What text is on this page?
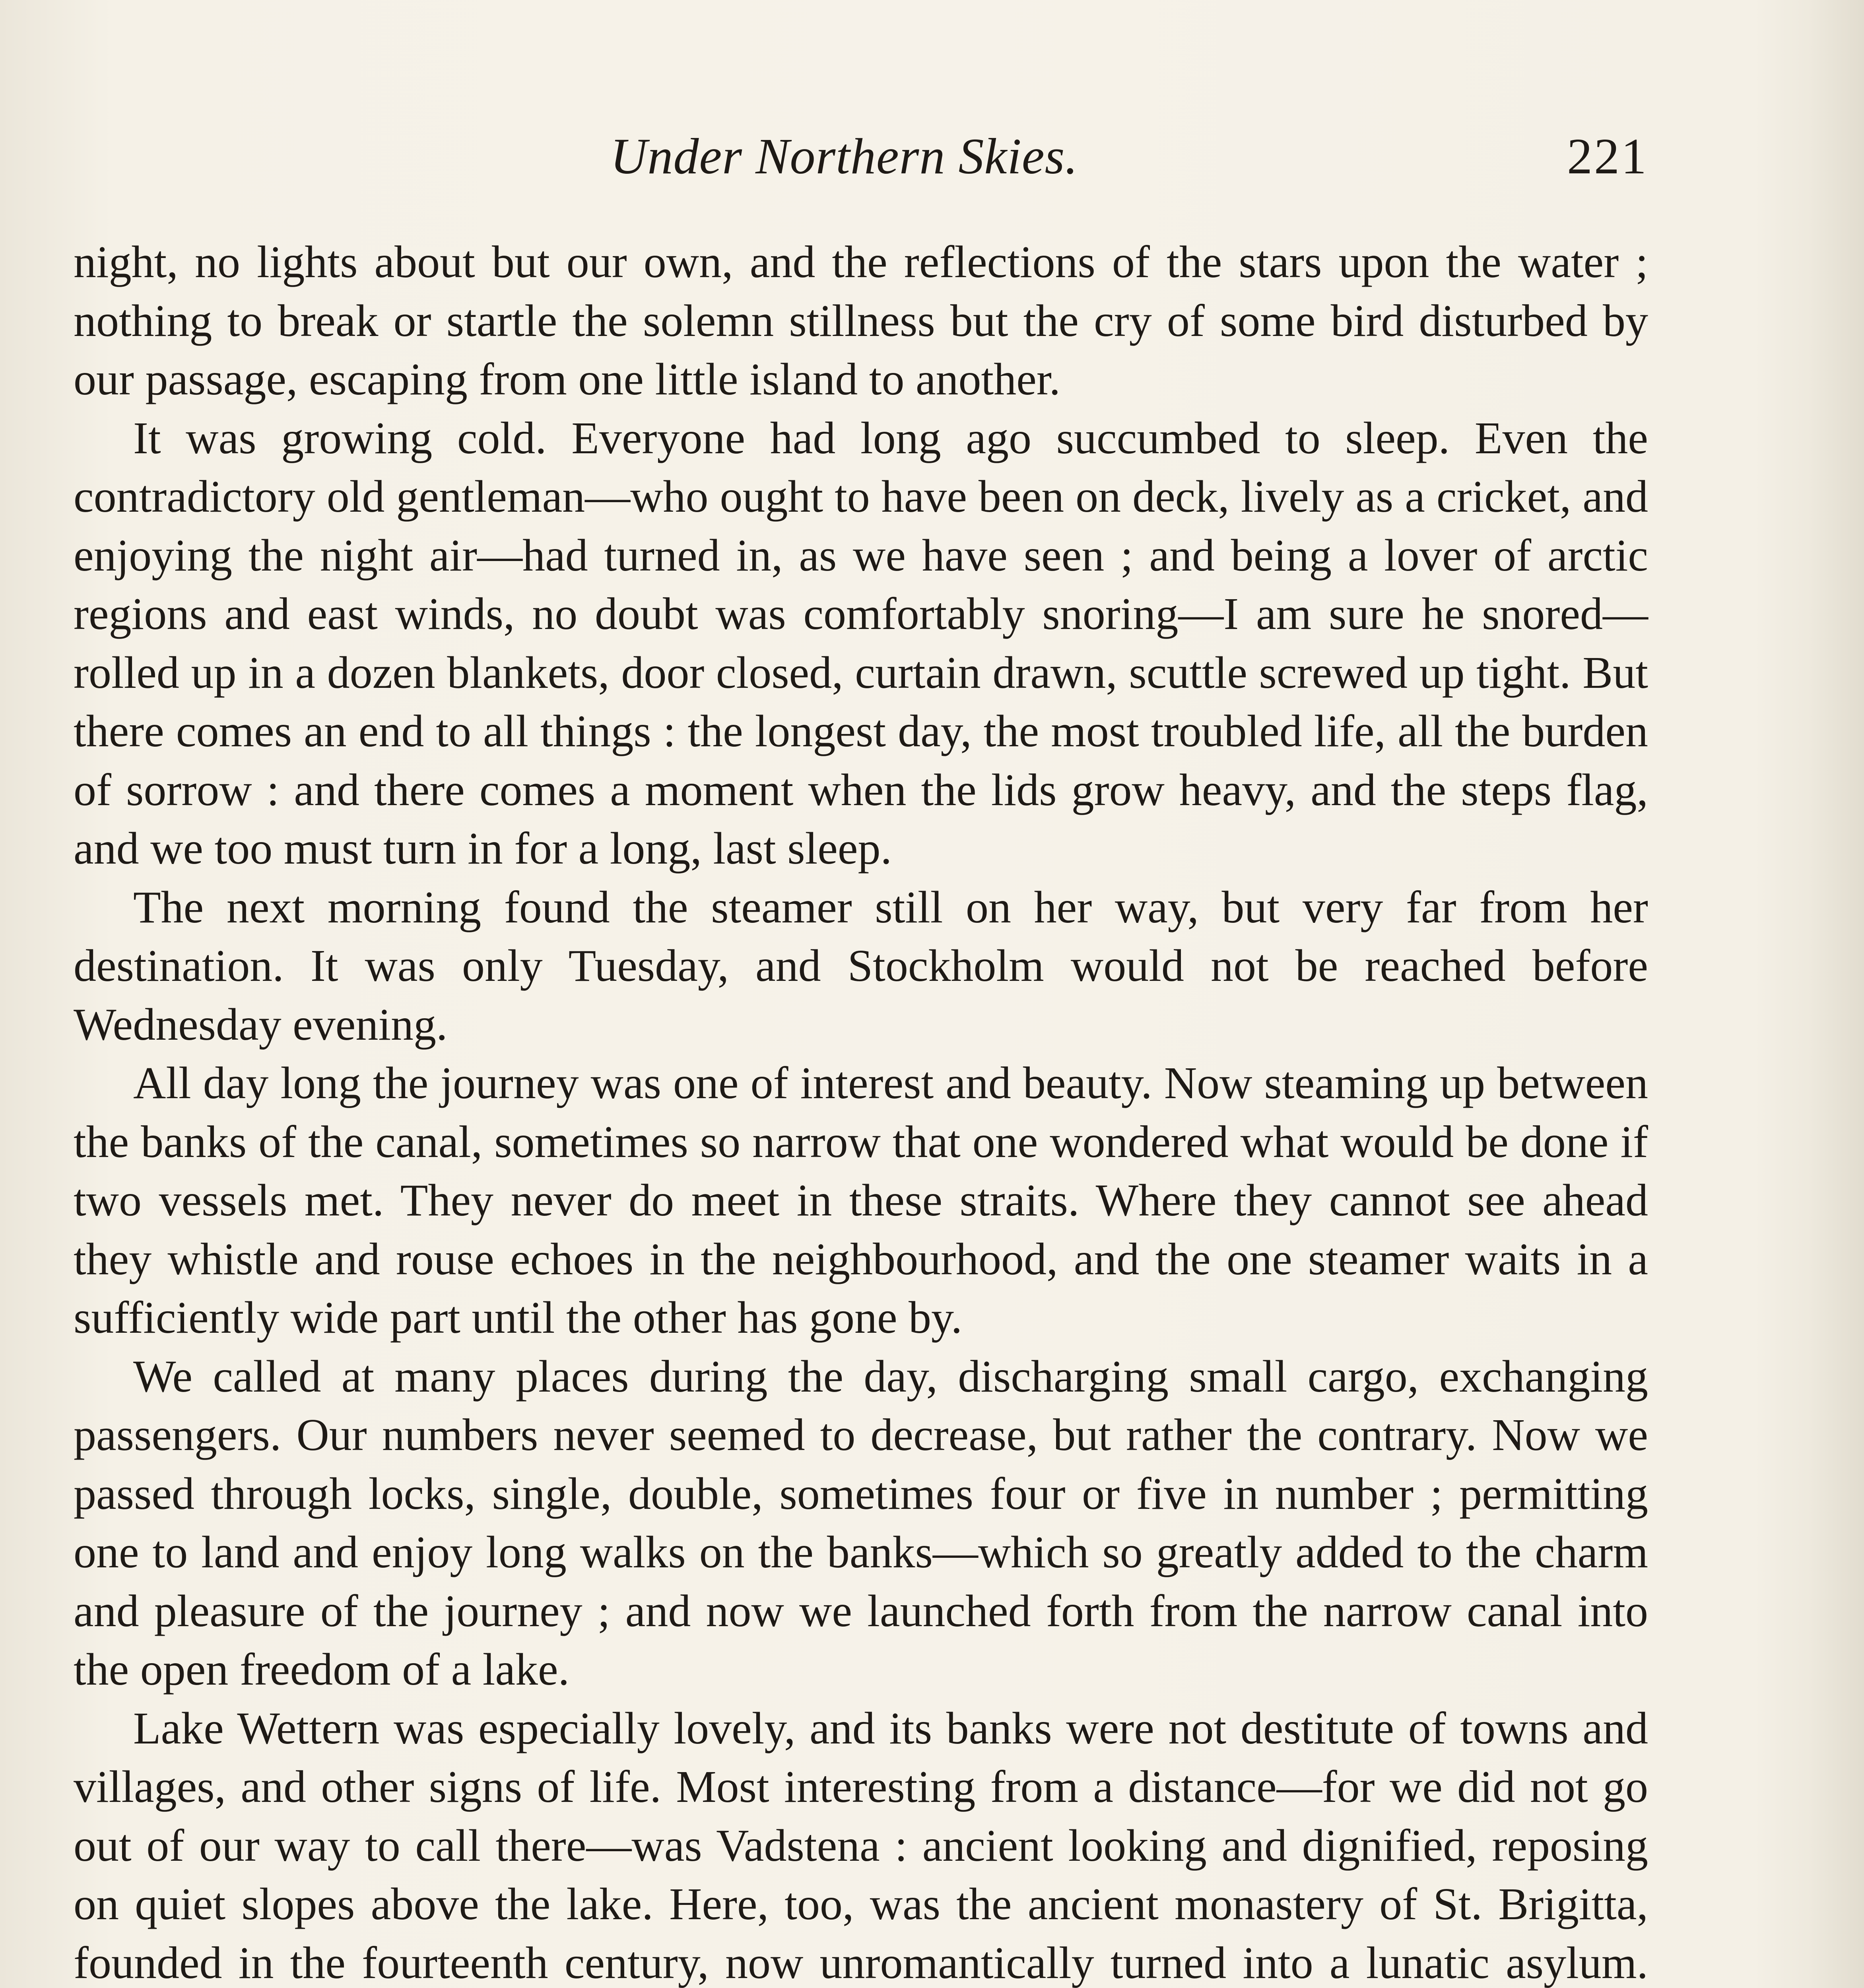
Under Northern Skies.	221

night, no lights about but our own, and the reflections of the stars upon the water ; nothing to break or startle the solemn stillness but the cry of some bird disturbed by our passage, escaping from one little island to another.

It was growing cold. Everyone had long ago succumbed to sleep. Even the contradictory old gentleman—who ought to have been on deck, lively as a cricket, and enjoying the night air—had turned in, as we have seen ; and being a lover of arctic regions and east winds, no doubt was comfortably snoring—I am sure he snored—rolled up in a dozen blankets, door closed, curtain drawn, scuttle screwed up tight. But there comes an end to all things : the longest day, the most troubled life, all the burden of sorrow : and there comes a moment when the lids grow heavy, and the steps flag, and we too must turn in for a long, last sleep.

The next morning found the steamer still on her way, but very far from her destination. It was only Tuesday, and Stockholm would not be reached before Wednesday evening.

All day long the journey was one of interest and beauty. Now steaming up between the banks of the canal, sometimes so narrow that one wondered what would be done if two vessels met. They never do meet in these straits. Where they cannot see ahead they whistle and rouse echoes in the neighbourhood, and the one steamer waits in a sufficiently wide part until the other has gone by.

We called at many places during the day, discharging small cargo, exchanging passengers. Our numbers never seemed to decrease, but rather the contrary. Now we passed through locks, single, double, sometimes four or five in number ; permitting one to land and enjoy long walks on the banks—which so greatly added to the charm and pleasure of the journey ; and now we launched forth from the narrow canal into the open freedom of a lake.

Lake Wettern was especially lovely, and its banks were not destitute of towns and villages, and other signs of life. Most interesting from a distance—for we did not go out of our way to call there—was Vadstena : ancient looking and dignified, reposing on quiet slopes above the lake. Here, too, was the ancient monastery of St. Brigitta, founded in the fourteenth century, now unromantically turned into a lunatic asylum.
